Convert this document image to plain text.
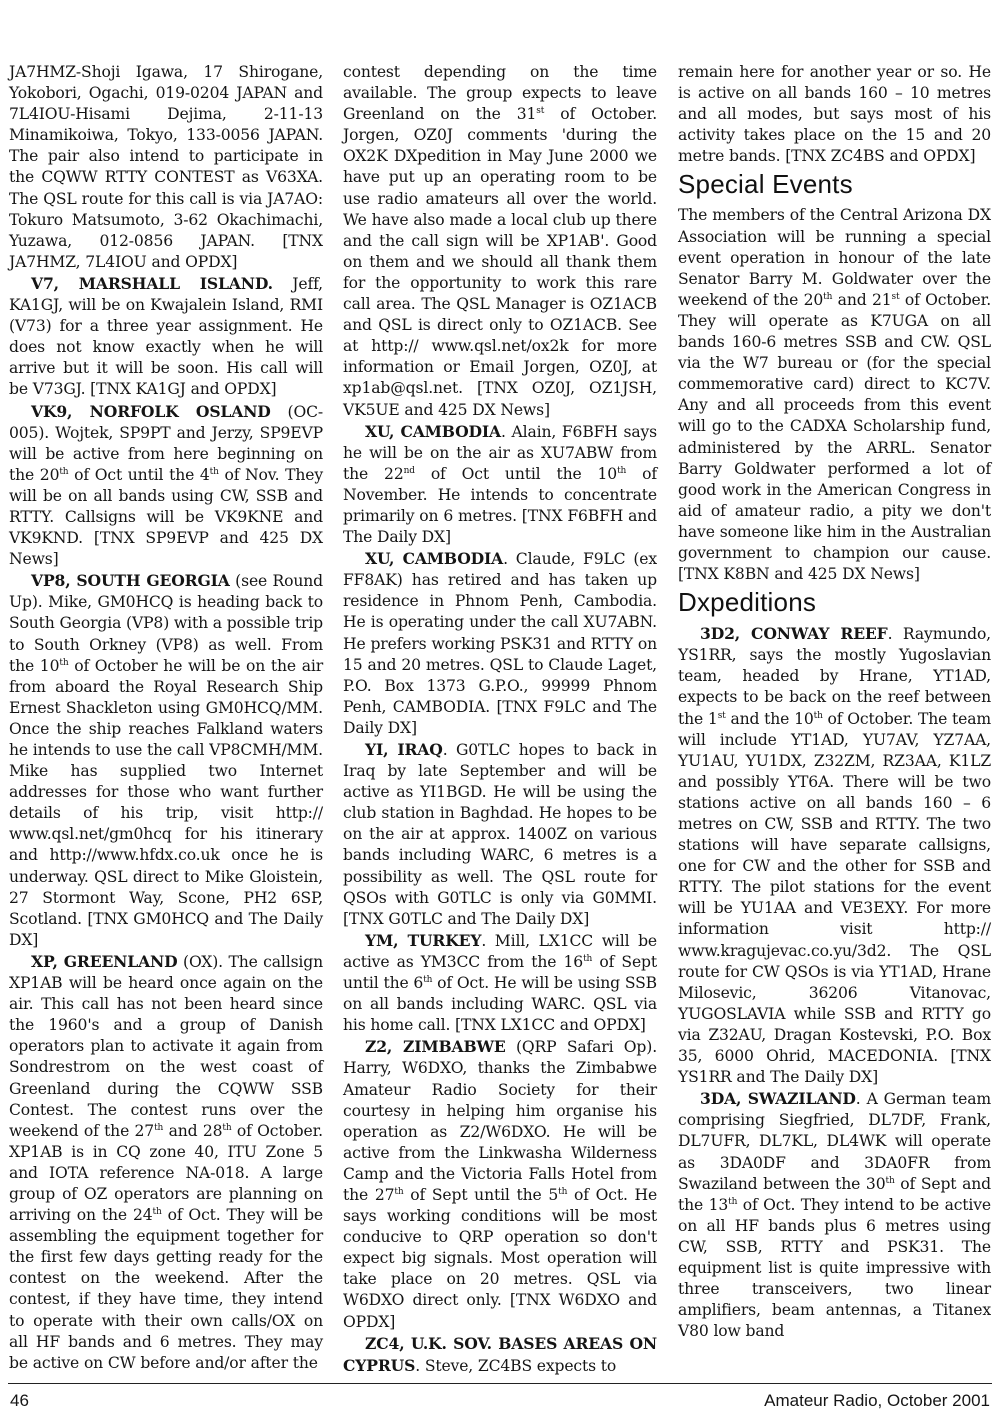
JA7HMZ-Shoji Igawa, 17 Shirogane, Yokobori, Ogachi, 019-0204 JAPAN and 7L4IOU-Hisami Dejima, 2-11-13 Minamikoiwa, Tokyo, 133-0056 JAPAN. The pair also intend to participate in the CQWW RTTY CONTEST as V63XA. The QSL route for this call is via JA7AO: Tokuro Matsumoto, 3-62 Okachimachi, Yuzawa, 012-0856 JAPAN. [TNX JA7HMZ, 7L4IOU and OPDX]

V7, MARSHALL ISLAND. Jeff, KA1GJ, will be on Kwajalein Island, RMI (V73) for a three year assignment. He does not know exactly when he will arrive but it will be soon. His call will be V73GJ. [TNX KA1GJ and OPDX]

VK9, NORFOLK OSLAND (OC-005). Wojtek, SP9PT and Jerzy, SP9EVP will be active from here beginning on the 20th of Oct until the 4th of Nov. They will be on all bands using CW, SSB and RTTY. Callsigns will be VK9KNE and VK9KND. [TNX SP9EVP and 425 DX News]

VP8, SOUTH GEORGIA (see Round Up). Mike, GM0HCQ is heading back to South Georgia (VP8) with a possible trip to South Orkney (VP8) as well. From the 10th of October he will be on the air from aboard the Royal Research Ship Ernest Shackleton using GM0HCQ/MM. Once the ship reaches Falkland waters he intends to use the call VP8CMH/MM. Mike has supplied two Internet addresses for those who want further details of his trip, visit http:// www.qsl.net/gm0hcq for his itinerary and http://www.hfdx.co.uk once he is underway. QSL direct to Mike Gloistein, 27 Stormont Way, Scone, PH2 6SP, Scotland. [TNX GM0HCQ and The Daily DX]

XP, GREENLAND (OX). The callsign XP1AB will be heard once again on the air. This call has not been heard since the 1960's and a group of Danish operators plan to activate it again from Sondrestrom on the west coast of Greenland during the CQWW SSB Contest. The contest runs over the weekend of the 27th and 28th of October. XP1AB is in CQ zone 40, ITU Zone 5 and IOTA reference NA-018. A large group of OZ operators are planning on arriving on the 24th of Oct. They will be assembling the equipment together for the first few days getting ready for the contest on the weekend. After the contest, if they have time, they intend to operate with their own calls/OX on all HF bands and 6 metres. They may be active on CW before and/or after the

contest depending on the time available. The group expects to leave Greenland on the 31st of October. Jorgen, OZ0J comments 'during the OX2K DXpedition in May June 2000 we have put up an operating room to be use radio amateurs all over the world. We have also made a local club up there and the call sign will be XP1AB'. Good on them and we should all thank them for the opportunity to work this rare call area. The QSL Manager is OZ1ACB and QSL is direct only to OZ1ACB. See at http:// www.qsl.net/ox2k for more information or Email Jorgen, OZ0J, at xp1ab@qsl.net. [TNX OZ0J, OZ1JSH, VK5UE and 425 DX News]

XU, CAMBODIA. Alain, F6BFH says he will be on the air as XU7ABW from the 22nd of Oct until the 10th of November. He intends to concentrate primarily on 6 metres. [TNX F6BFH and The Daily DX]

XU, CAMBODIA. Claude, F9LC (ex FF8AK) has retired and has taken up residence in Phnom Penh, Cambodia. He is operating under the call XU7ABN. He prefers working PSK31 and RTTY on 15 and 20 metres. QSL to Claude Laget, P.O. Box 1373 G.P.O., 99999 Phnom Penh, CAMBODIA. [TNX F9LC and The Daily DX]

YI, IRAQ. G0TLC hopes to back in Iraq by late September and will be active as YI1BGD. He will be using the club station in Baghdad. He hopes to be on the air at approx. 1400Z on various bands including WARC, 6 metres is a possibility as well. The QSL route for QSOs with G0TLC is only via G0MMI. [TNX G0TLC and The Daily DX]

YM, TURKEY. Mill, LX1CC will be active as YM3CC from the 16th of Sept until the 6th of Oct. He will be using SSB on all bands including WARC. QSL via his home call. [TNX LX1CC and OPDX]

Z2, ZIMBABWE (QRP Safari Op). Harry, W6DXO, thanks the Zimbabwe Amateur Radio Society for their courtesy in helping him organise his operation as Z2/W6DXO. He will be active from the Linkwasha Wilderness Camp and the Victoria Falls Hotel from the 27th of Sept until the 5th of Oct. He says working conditions will be most conducive to QRP operation so don't expect big signals. Most operation will take place on 20 metres. QSL via W6DXO direct only. [TNX W6DXO and OPDX]

ZC4, U.K. SOV. BASES AREAS ON CYPRUS. Steve, ZC4BS expects to

remain here for another year or so. He is active on all bands 160 – 10 metres and all modes, but says most of his activity takes place on the 15 and 20 metre bands. [TNX ZC4BS and OPDX]

Special Events

The members of the Central Arizona DX Association will be running a special event operation in honour of the late Senator Barry M. Goldwater over the weekend of the 20th and 21st of October. They will operate as K7UGA on all bands 160-6 metres SSB and CW. QSL via the W7 bureau or (for the special commemorative card) direct to KC7V. Any and all proceeds from this event will go to the CADXA Scholarship fund, administered by the ARRL. Senator Barry Goldwater performed a lot of good work in the American Congress in aid of amateur radio, a pity we don't have someone like him in the Australian government to champion our cause. [TNX K8BN and 425 DX News]

Dxpeditions

3D2, CONWAY REEF. Raymundo, YS1RR, says the mostly Yugoslavian team, headed by Hrane, YT1AD, expects to be back on the reef between the 1st and the 10th of October. The team will include YT1AD, YU7AV, YZ7AA, YU1AU, YU1DX, Z32ZM, RZ3AA, K1LZ and possibly YT6A. There will be two stations active on all bands 160 – 6 metres on CW, SSB and RTTY. The two stations will have separate callsigns, one for CW and the other for SSB and RTTY. The pilot stations for the event will be YU1AA and VE3EXY. For more information visit http:// www.kragujevac.co.yu/3d2. The QSL route for CW QSOs is via YT1AD, Hrane Milosevic, 36206 Vitanovac, YUGOSLAVIA while SSB and RTTY go via Z32AU, Dragan Kostevski, P.O. Box 35, 6000 Ohrid, MACEDONIA. [TNX YS1RR and The Daily DX]

3DA, SWAZILAND. A German team comprising Siegfried, DL7DF, Frank, DL7UFR, DL7KL, DL4WK will operate as 3DA0DF and 3DA0FR from Swaziland between the 30th of Sept and the 13th of Oct. They intend to be active on all HF bands plus 6 metres using CW, SSB, RTTY and PSK31. The equipment list is quite impressive with three transceivers, two linear amplifiers, beam antennas, a Titanex V80 low band

46	Amateur Radio, October 2001
